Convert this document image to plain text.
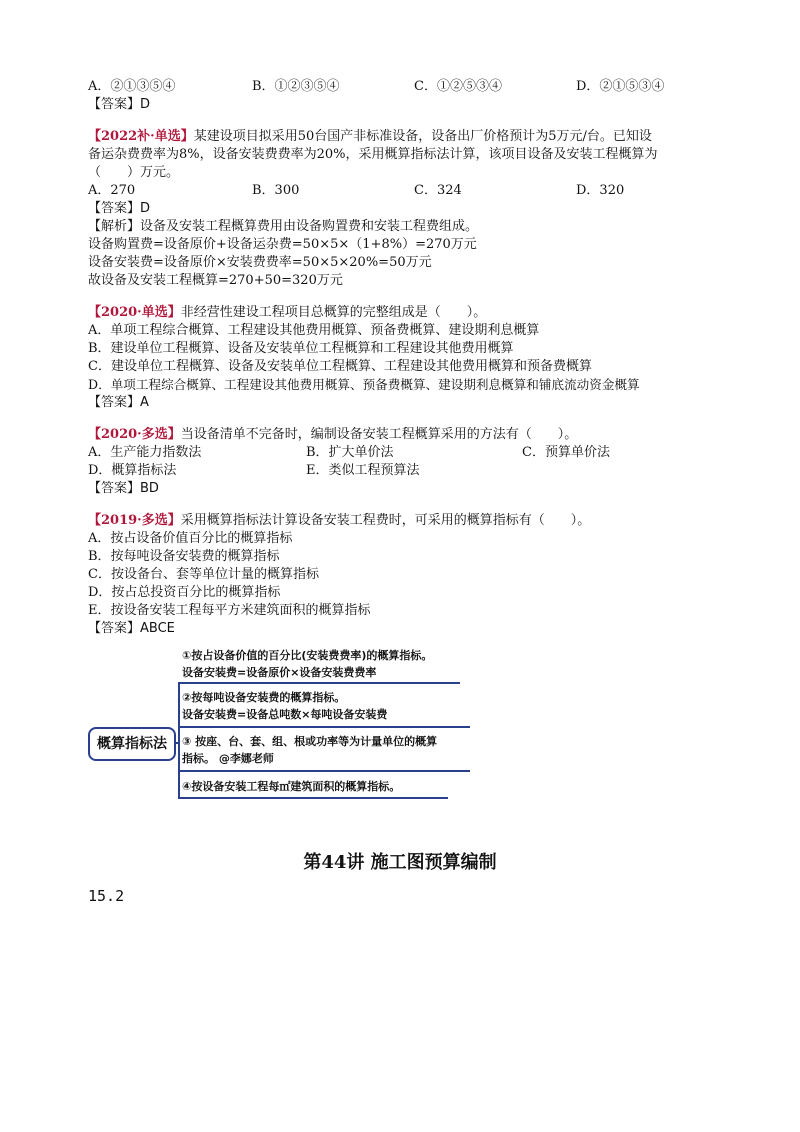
A．②①③⑤④	B．①②③⑤④	C．①②⑤③④	D．②①⑤③④
【答案】D
【2022补·单选】某建设项目拟采用50台国产非标准设备，设备出厂价格预计为5万元/台。已知设
备运杂费费率为8%，设备安装费费率为20%，采用概算指标法计算，该项目设备及安装工程概算为
（　　）万元。
A．270	B．300	C．324	D．320
【答案】D
【解析】设备及安装工程概算费用由设备购置费和安装工程费组成。
设备购置费=设备原价+设备运杂费=50×5×（1+8%）=270万元
设备安装费=设备原价×安装费费率=50×5×20%=50万元
故设备及安装工程概算=270+50=320万元
【2020·单选】非经营性建设工程项目总概算的完整组成是（　　）。
A．单项工程综合概算、工程建设其他费用概算、预备费概算、建设期利息概算
B．建设单位工程概算、设备及安装单位工程概算和工程建设其他费用概算
C．建设单位工程概算、设备及安装单位工程概算、工程建设其他费用概算和预备费概算
D．单项工程综合概算、工程建设其他费用概算、预备费概算、建设期利息概算和铺底流动资金概算
【答案】A
【2020·多选】当设备清单不完备时，编制设备安装工程概算采用的方法有（　　）。
A．生产能力指数法	B．扩大单价法	C．预算单价法
D．概算指标法	E．类似工程预算法
【答案】BD
【2019·多选】采用概算指标法计算设备安装工程费时，可采用的概算指标有（　　）。
A．按占设备价值百分比的概算指标
B．按每吨设备安装费的概算指标
C．按设备台、套等单位计量的概算指标
D．按占总投资百分比的概算指标
E．按设备安装工程每平方米建筑面积的概算指标
【答案】ABCE
概算指标法
①按占设备价值的百分比(安装费费率)的概算指标。
设备安装费=设备原价×设备安装费费率
②按每吨设备安装费的概算指标。
设备安装费=设备总吨数×每吨设备安装费
③ 按座、台、套、组、根或功率等为计量单位的概算
指标。 @李娜老师
④按设备安装工程每㎡建筑面积的概算指标。
第44讲 施工图预算编制
15.2
